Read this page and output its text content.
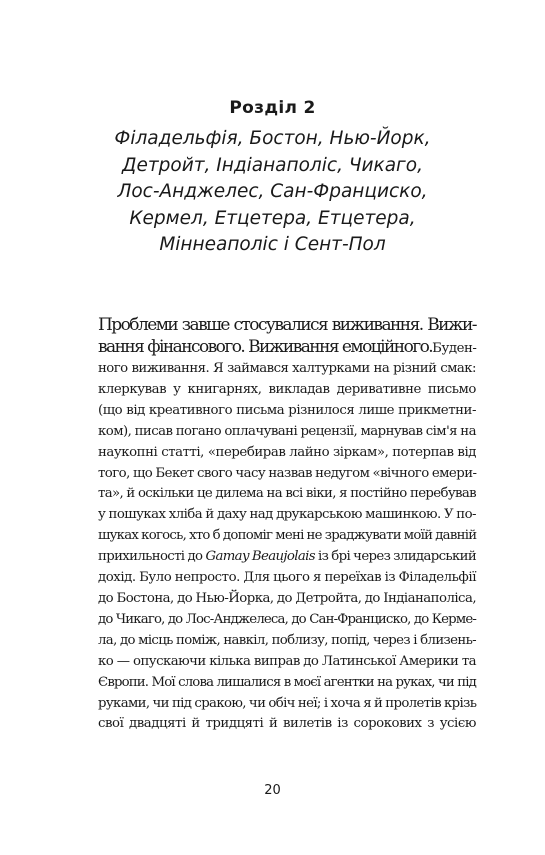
Розділ 2
Філадельфія, Бостон, Нью-Йорк,
Детройт, Індіанаполіс, Чикаго,
Лос-Анджелес, Сан-Франциско,
Кермел, Етцетера, Етцетера,
Міннеаполіс і Сент-Пол
Проблеми завше стосувалися виживання. Вижи-
вання фінансового. Виживання емоційного.Буден-
ного виживання. Я займався халтурками на різний смак:
клеркував у книгарнях, викладав деривативне письмо
(що від креативного письма різнилося лише прикметни-
ком), писав погано оплачувані рецензії, марнував сім'я на
наукопні статті, «перебирав лайно зіркам», потерпав від
того, що Бекет свого часу назвав недугом «вічного емери-
та», й оскільки це дилема на всі віки, я постійно перебував
у пошуках хліба й даху над друкарською машинкою. У по-
шуках когось, хто б допоміг мені не зраджувати моїй давній
прихильності до Gamay Beaujolais із брі через злидарський
дохід. Було непросто. Для цього я переїхав із Філадельфії
до Бостона, до Нью-Йорка, до Детройта, до Індіанаполіса,
до Чикаго, до Лос-Анджелеса, до Сан-Франциско, до Керме-
ла, до місць поміж, навкіл, поблизу, попід, через і близень-
ко — опускаючи кілька виправ до Латинської Америки та
Європи. Мої слова лишалися в моєї агентки на руках, чи під
руками, чи під сракою, чи обіч неї; і хоча я й пролетів крізь
свої двадцяті й тридцяті й вилетів із сорокових з усією
20
